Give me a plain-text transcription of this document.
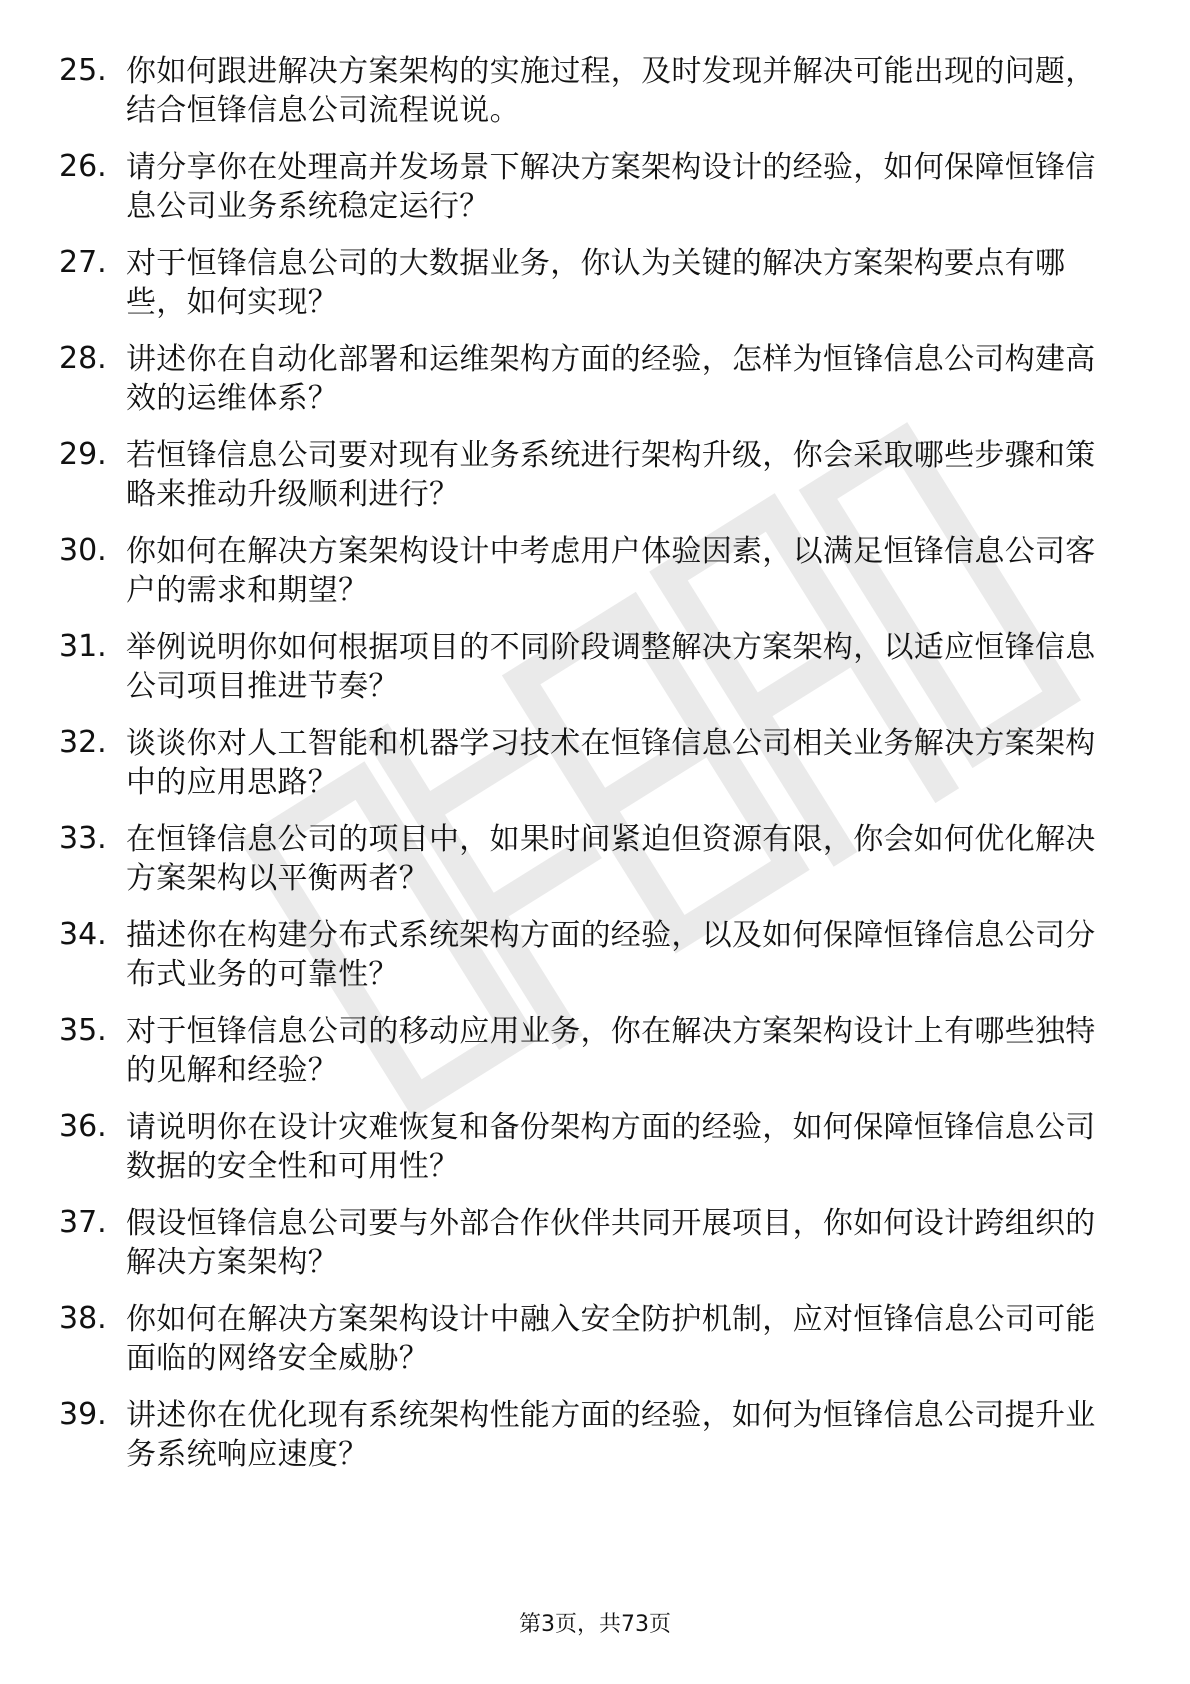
25. 你如何跟进解决方案架构的实施过程，及时发现并解决可能出现的问题，结合恒锋信息公司流程说说。
26. 请分享你在处理高并发场景下解决方案架构设计的经验，如何保障恒锋信息公司业务系统稳定运行？
27. 对于恒锋信息公司的大数据业务，你认为关键的解决方案架构要点有哪些，如何实现？
28. 讲述你在自动化部署和运维架构方面的经验，怎样为恒锋信息公司构建高效的运维体系？
29. 若恒锋信息公司要对现有业务系统进行架构升级，你会采取哪些步骤和策略来推动升级顺利进行？
30. 你如何在解决方案架构设计中考虑用户体验因素，以满足恒锋信息公司客户的需求和期望？
31. 举例说明你如何根据项目的不同阶段调整解决方案架构，以适应恒锋信息公司项目推进节奏？
32. 谈谈你对人工智能和机器学习技术在恒锋信息公司相关业务解决方案架构中的应用思路？
33. 在恒锋信息公司的项目中，如果时间紧迫但资源有限，你会如何优化解决方案架构以平衡两者？
34. 描述你在构建分布式系统架构方面的经验，以及如何保障恒锋信息公司分布式业务的可靠性？
35. 对于恒锋信息公司的移动应用业务，你在解决方案架构设计上有哪些独特的见解和经验？
36. 请说明你在设计灾难恢复和备份架构方面的经验，如何保障恒锋信息公司数据的安全性和可用性？
37. 假设恒锋信息公司要与外部合作伙伴共同开展项目，你如何设计跨组织的解决方案架构？
38. 你如何在解决方案架构设计中融入安全防护机制，应对恒锋信息公司可能面临的网络安全威胁？
39. 讲述你在优化现有系统架构性能方面的经验，如何为恒锋信息公司提升业务系统响应速度？
第3页，共73页
